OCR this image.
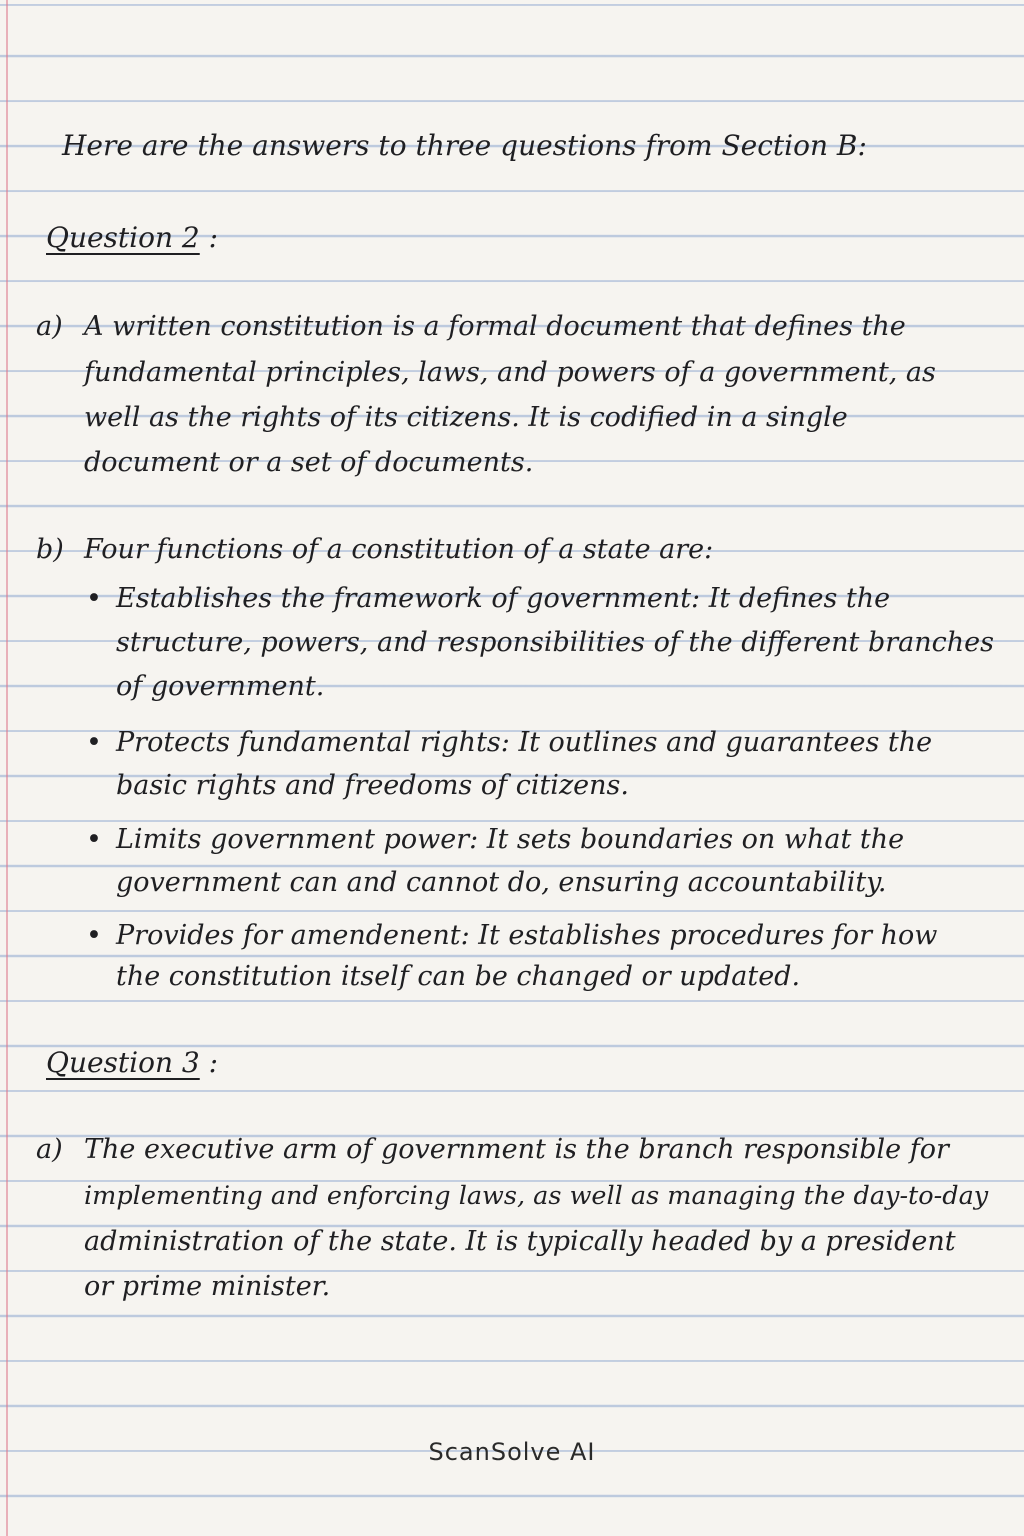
Here are the answers to three questions from Section B:
Question 2 :
a) A written constitution is a formal document that defines the
fundamental principles, laws, and powers of a government, as
well as the rights of its citizens. It is codified in a single
document or a set of documents.
b) Four functions of a constitution of a state are:
• Establishes the framework of government: It defines the
structure, powers, and responsibilities of the different branches
of government.
• Protects fundamental rights: It outlines and guarantees the
basic rights and freedoms of citizens.
• Limits government power: It sets boundaries on what the
government can and cannot do, ensuring accountability.
• Provides for amendenent: It establishes procedures for how
the constitution itself can be changed or updated.
Question 3 :
a) The executive arm of government is the branch responsible for
implementing and enforcing laws, as well as managing the day-to-day
administration of the state. It is typically headed by a president
or prime minister.
ScanSolve AI
